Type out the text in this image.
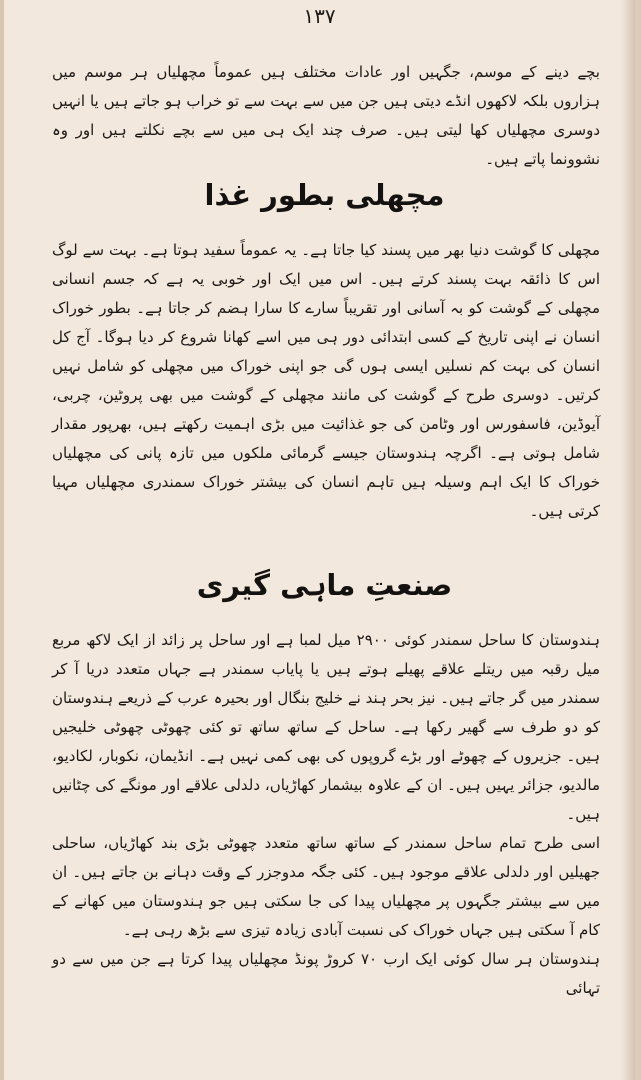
۱۳۷

بچے دینے کے موسم، جگہیں اور عادات مختلف ہیں عموماً مچھلیاں ہر موسم میں ہزاروں بلکہ لاکھوں انڈے دیتی ہیں جن میں سے بہت سے تو خراب ہو جاتے ہیں یا انہیں دوسری مچھلیاں کھا لیتی ہیں۔ صرف چند ایک ہی میں سے بچے نکلتے ہیں اور وہ نشوونما پاتے ہیں۔

مچھلی بطور غذا

مچھلی کا گوشت دنیا بھر میں پسند کیا جاتا ہے۔ یہ عموماً سفید ہوتا ہے۔ بہت سے لوگ اس کا ذائقہ بہت پسند کرتے ہیں۔ اس میں ایک اور خوبی یہ ہے کہ جسم انسانی مچھلی کے گوشت کو بہ آسانی اور تقریباً سارے کا سارا ہضم کر جاتا ہے۔ بطور خوراک انسان نے اپنی تاریخ کے کسی ابتدائی دور ہی میں اسے کھانا شروع کر دیا ہوگا۔ آج کل انسان کی بہت کم نسلیں ایسی ہوں گی جو اپنی خوراک میں مچھلی کو شامل نہیں کرتیں۔ دوسری طرح کے گوشت کی مانند مچھلی کے گوشت میں بھی پروٹین، چربی، آیوڈین، فاسفورس اور وٹامن کی جو غذائیت میں بڑی اہمیت رکھتے ہیں، بھرپور مقدار شامل ہوتی ہے۔ اگرچہ ہندوستان جیسے گرمائی ملکوں میں تازہ پانی کی مچھلیاں خوراک کا ایک اہم وسیلہ ہیں تاہم انسان کی بیشتر خوراک سمندری مچھلیاں مہیا کرتی ہیں۔

صنعتِ ماہی گیری

ہندوستان کا ساحل سمندر کوئی ۲۹۰۰ میل لمبا ہے اور ساحل پر زائد از ایک لاکھ مربع میل رقبہ میں ریتلے علاقے پھیلے ہوتے ہیں یا پایاب سمندر ہے جہاں متعدد دریا آ کر سمندر میں گر جاتے ہیں۔ نیز بحر ہند نے خلیج بنگال اور بحیرہ عرب کے ذریعے ہندوستان کو دو طرف سے گھیر رکھا ہے۔ ساحل کے ساتھ ساتھ تو کئی چھوٹی چھوٹی خلیجیں ہیں۔ جزیروں کے چھوٹے اور بڑے گروپوں کی بھی کمی نہیں ہے۔ انڈیمان، نکوبار، لکادیو، مالدیو، جزائر یہیں ہیں۔ ان کے علاوہ بیشمار کھاڑیاں، دلدلی علاقے اور مونگے کی چٹانیں ہیں۔

اسی طرح تمام ساحل سمندر کے ساتھ ساتھ متعدد چھوٹی بڑی بند کھاڑیاں، ساحلی جھیلیں اور دلدلی علاقے موجود ہیں۔ کئی جگہ مدوجزر کے وقت دہانے بن جاتے ہیں۔ ان میں سے بیشتر جگہوں پر مچھلیاں پیدا کی جا سکتی ہیں جو ہندوستان میں کھانے کے کام آ سکتی ہیں جہاں خوراک کی نسبت آبادی زیادہ تیزی سے بڑھ رہی ہے۔

ہندوستان ہر سال کوئی ایک ارب ۷۰ کروڑ پونڈ مچھلیاں پیدا کرتا ہے جن میں سے دو تہائی
